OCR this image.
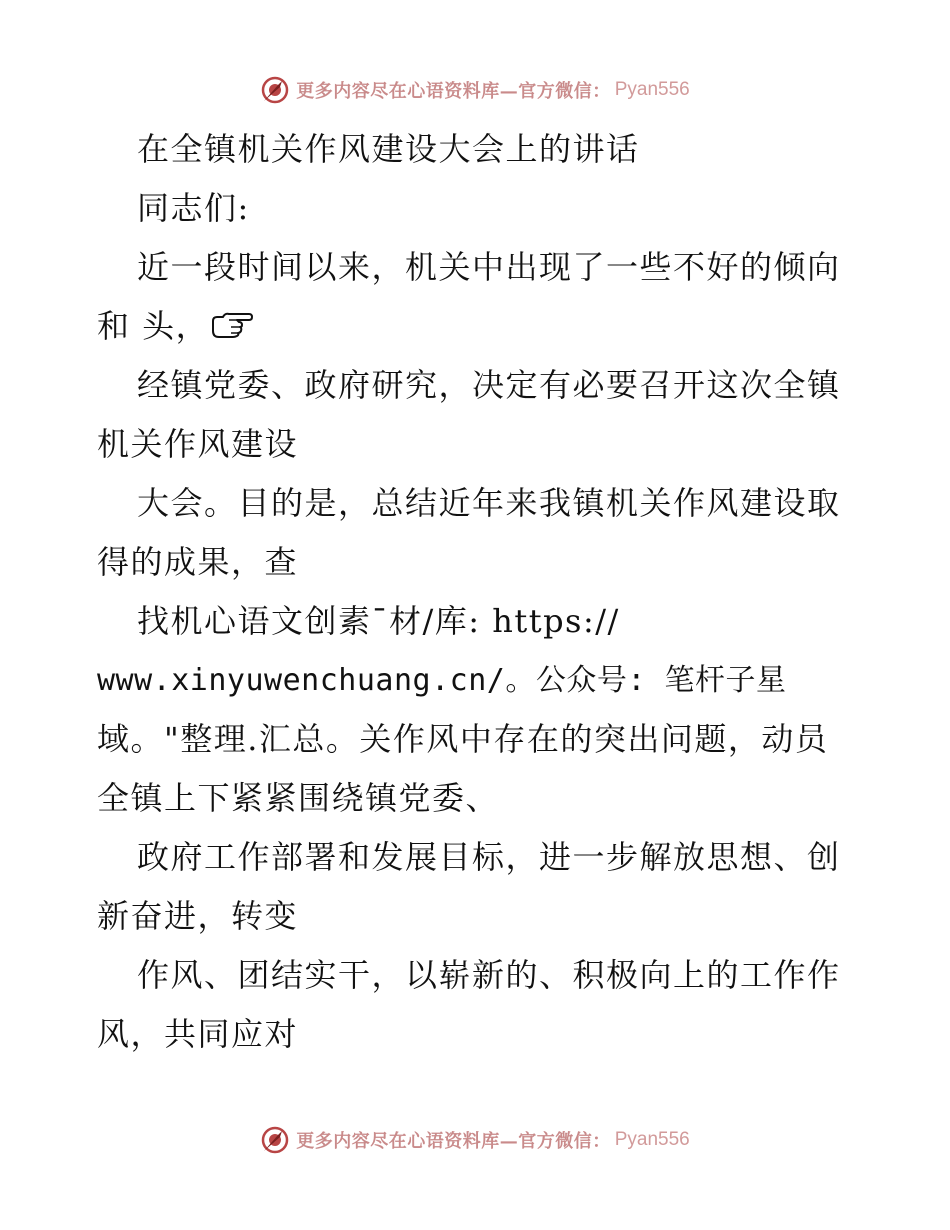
更多内容尽在心语资料库—官方微信： Pyan556
在全镇机关作风建设大会上的讲话
同志们:
近一段时间以来，机关中出现了一些不好的倾向
和 头，
经镇党委、政府研究，决定有必要召开这次全镇
机关作风建设
大会。目的是，总结近年来我镇机关作风建设取
得的成果，查
找机心语文创素¯材/库: https://
www.xinyuwenchuang.cn/。公众号: 笔杆子星
域。"整理.汇总。关作风中存在的突出问题，动员
全镇上下紧紧围绕镇党委、
政府工作部署和发展目标，进一步解放思想、创
新奋进，转变
作风、团结实干，以崭新的、积极向上的工作作
风，共同应对
更多内容尽在心语资料库—官方微信： Pyan556
